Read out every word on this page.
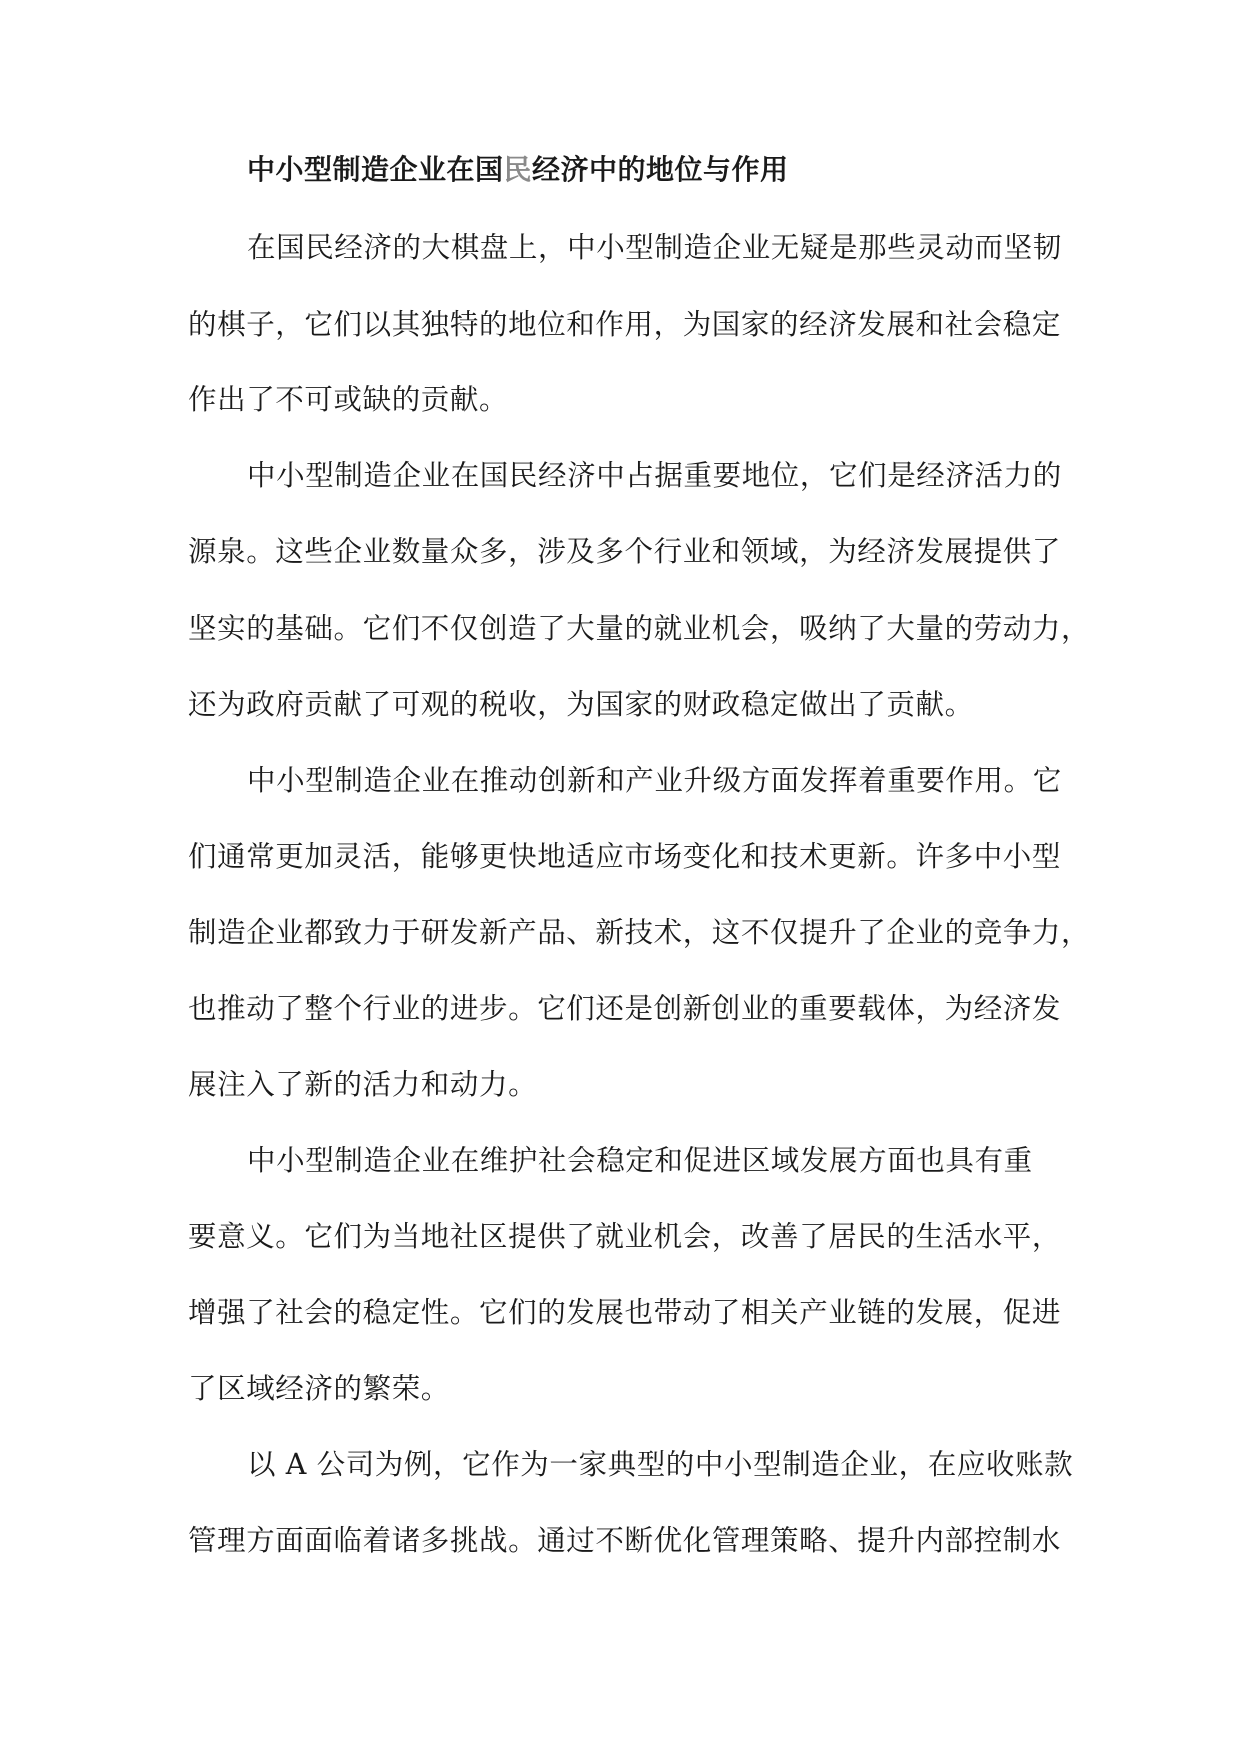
中小型制造企业在国民经济中的地位与作用
在国民经济的大棋盘上，中小型制造企业无疑是那些灵动而坚韧
的棋子，它们以其独特的地位和作用，为国家的经济发展和社会稳定
作出了不可或缺的贡献。
中小型制造企业在国民经济中占据重要地位，它们是经济活力的
源泉。这些企业数量众多，涉及多个行业和领域，为经济发展提供了
坚实的基础。它们不仅创造了大量的就业机会，吸纳了大量的劳动力，
还为政府贡献了可观的税收，为国家的财政稳定做出了贡献。
中小型制造企业在推动创新和产业升级方面发挥着重要作用。它
们通常更加灵活，能够更快地适应市场变化和技术更新。许多中小型
制造企业都致力于研发新产品、新技术，这不仅提升了企业的竞争力，
也推动了整个行业的进步。它们还是创新创业的重要载体，为经济发
展注入了新的活力和动力。
中小型制造企业在维护社会稳定和促进区域发展方面也具有重
要意义。它们为当地社区提供了就业机会，改善了居民的生活水平，
增强了社会的稳定性。它们的发展也带动了相关产业链的发展，促进
了区域经济的繁荣。
以 A 公司为例，它作为一家典型的中小型制造企业，在应收账款
管理方面面临着诸多挑战。通过不断优化管理策略、提升内部控制水
